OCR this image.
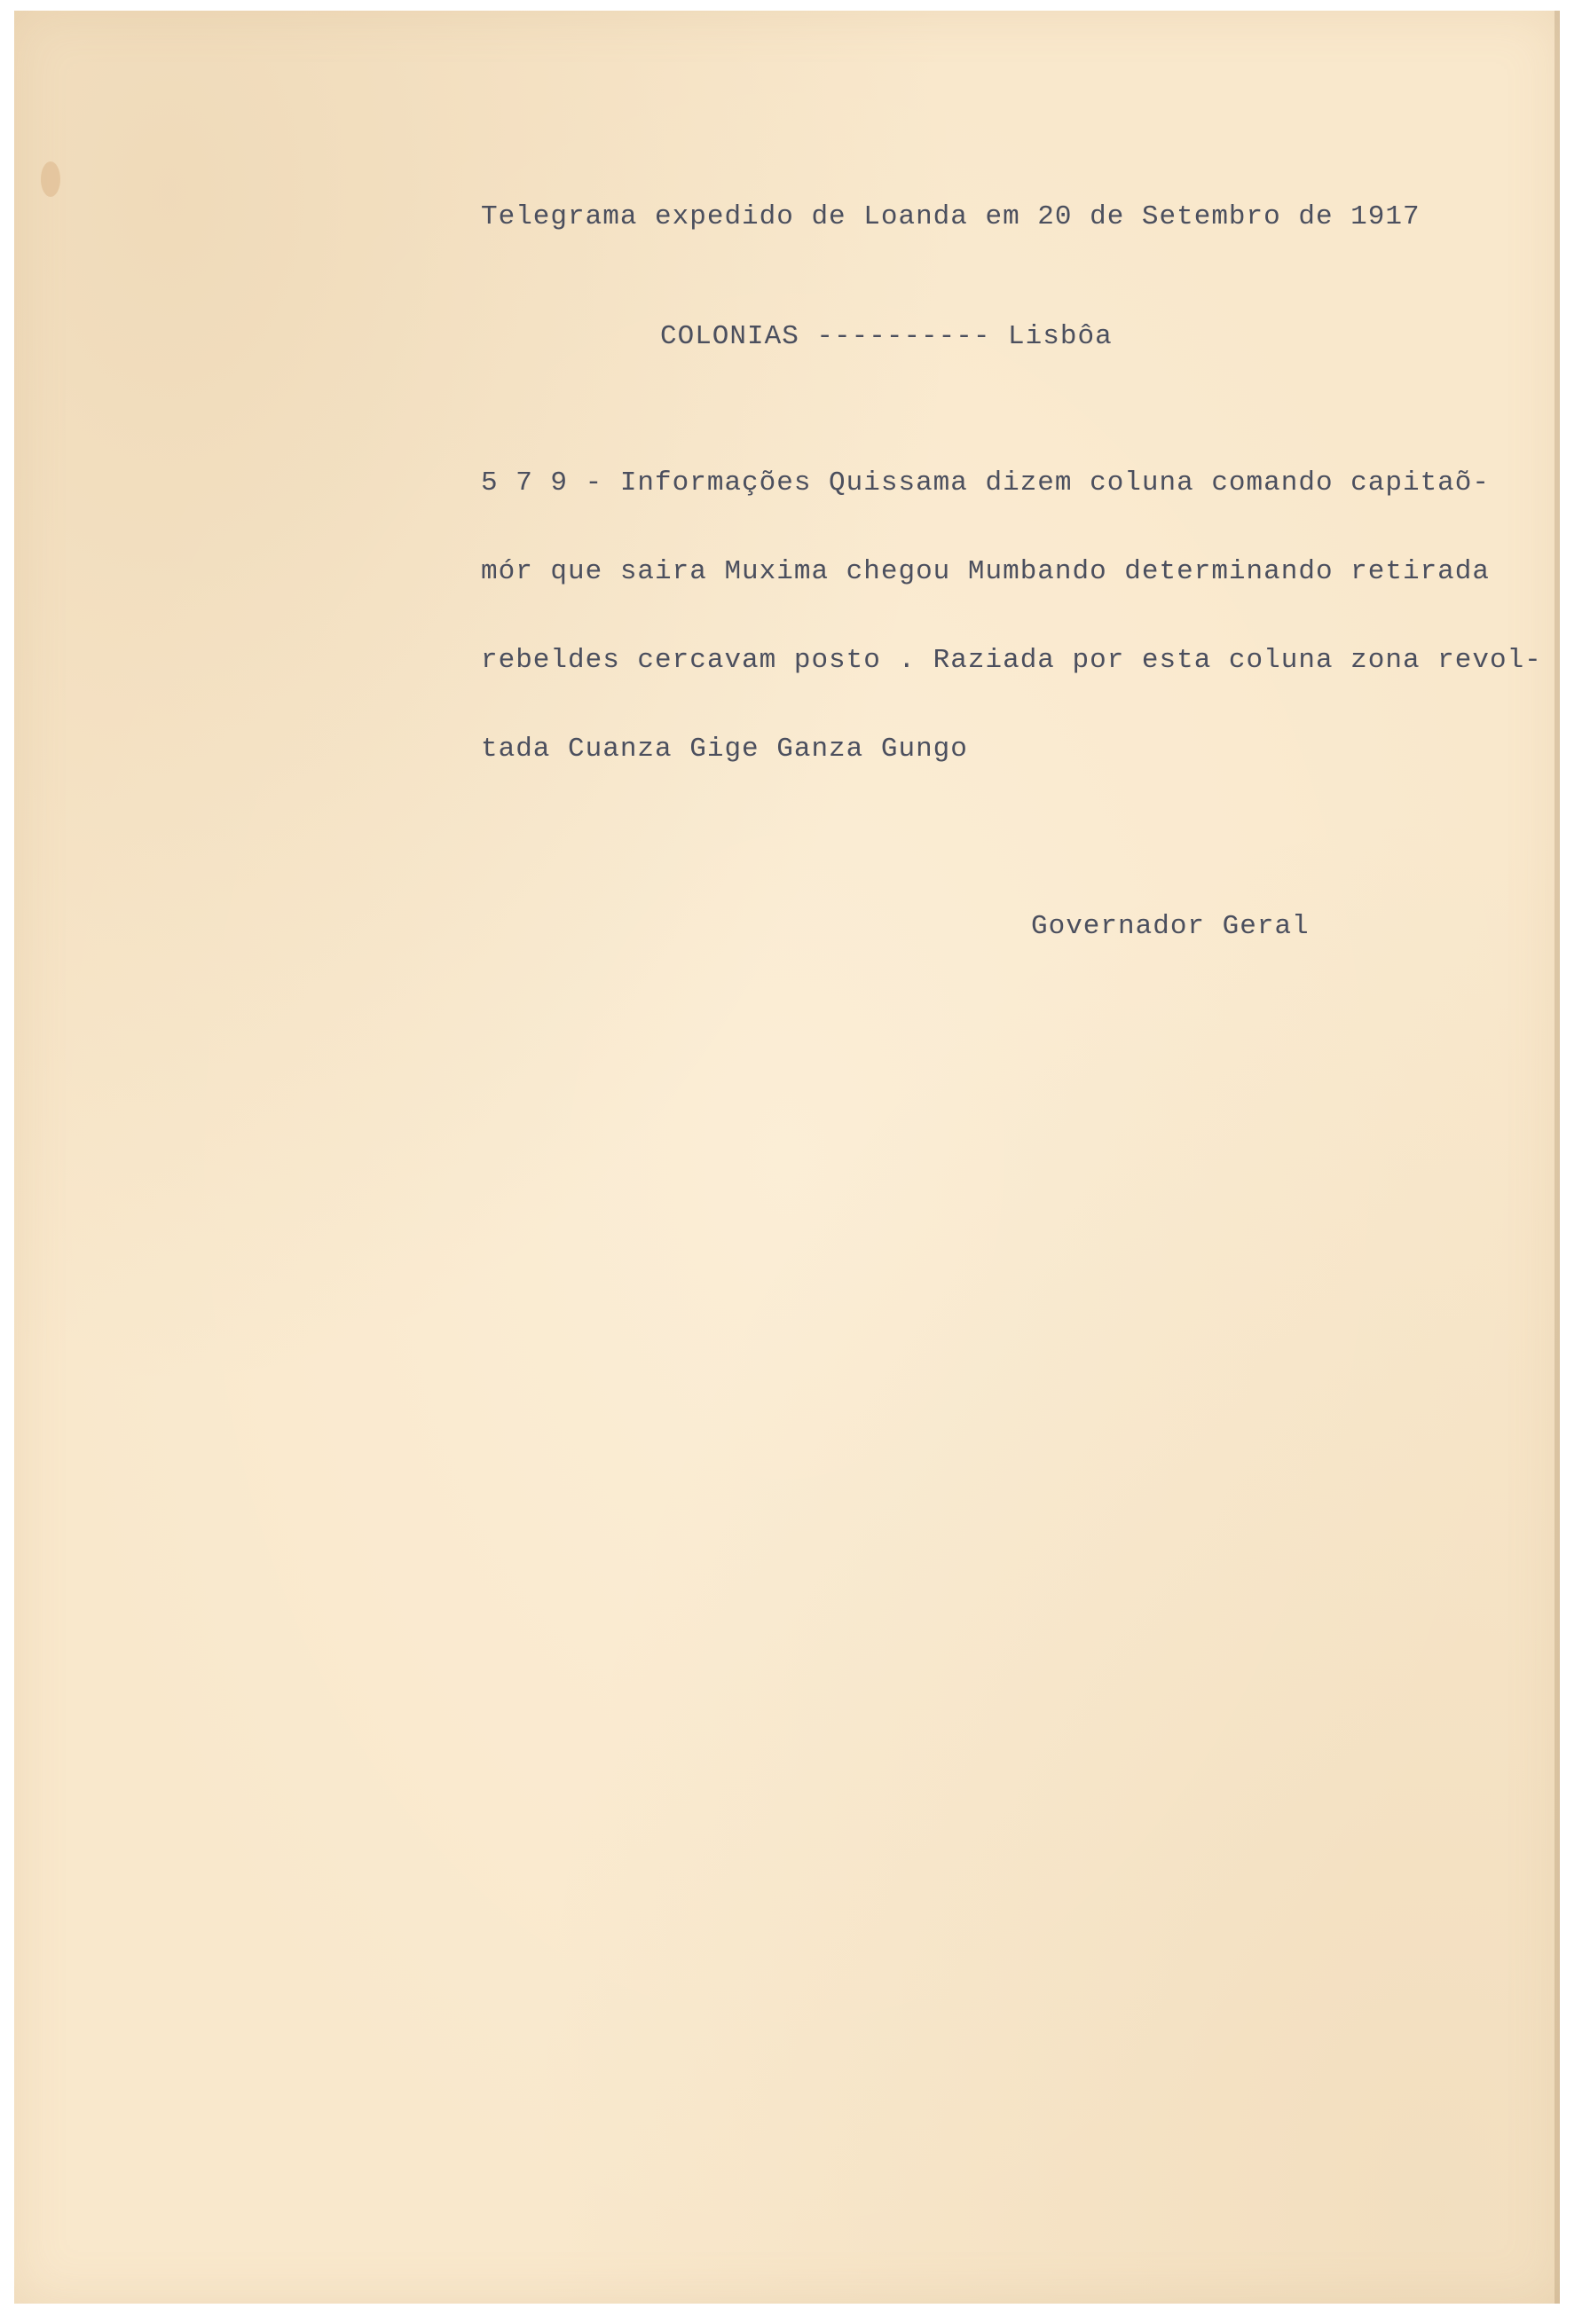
Telegrama expedido de Loanda em 20 de Setembro de 1917
COLONIAS ---------- Lisbôa
5 7 9 - Informações Quissama dizem coluna comando capitaõ-
mór que saira Muxima chegou Mumbando determinando retirada
rebeldes cercavam posto . Raziada por esta coluna zona revol-
tada Cuanza Gige Ganza Gungo
Governador Geral
